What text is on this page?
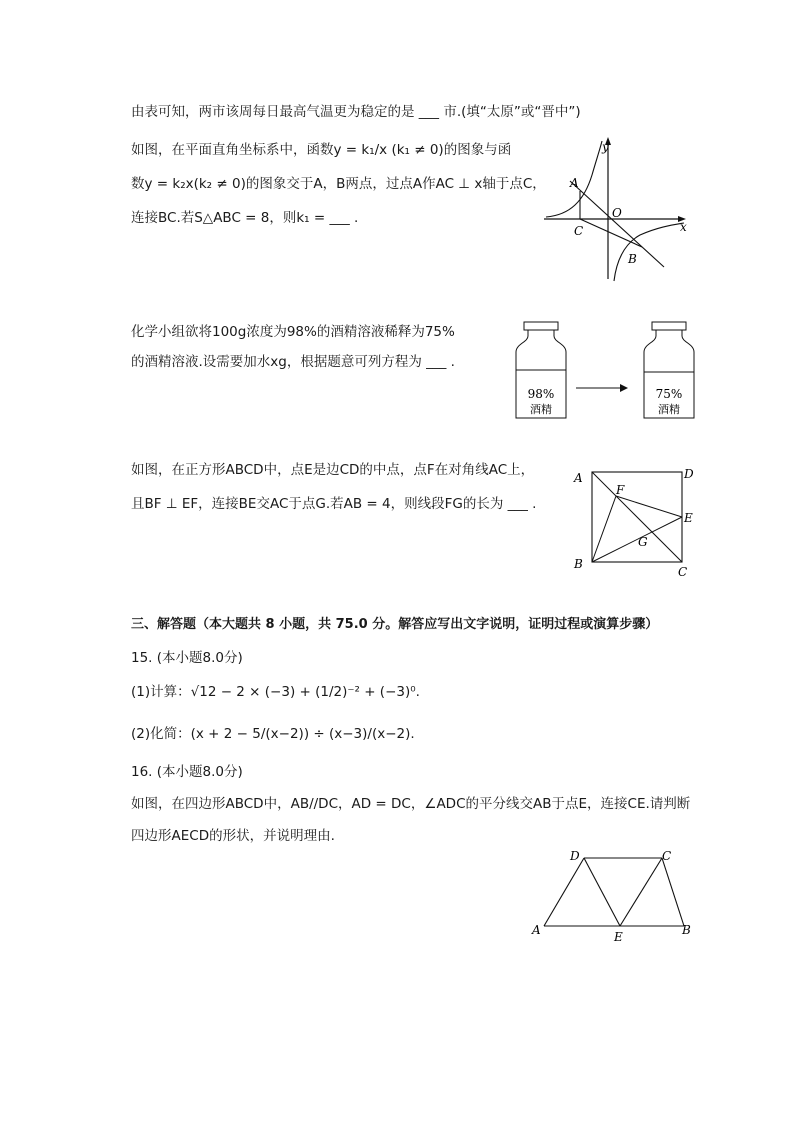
由表可知，两市该周每日最高气温更为稳定的是 ___ 市.(填“太原”或“晋中”)
如图，在平面直角坐标系中，函数y = k₁/x (k₁ ≠ 0)的图象与函
数y = k₂x(k₂ ≠ 0)的图象交于A，B两点，过点A作AC ⊥ x轴于点C，
连接BC.若S△ABC = 8，则k₁ = ___ .
y
x
A
O
C
B
化学小组欲将100g浓度为98%的酒精溶液稀释为75%
的酒精溶液.设需要加水xg，根据题意可列方程为 ___ .
98%
酒精
75%
酒精
如图，在正方形ABCD中，点E是边CD的中点，点F在对角线AC上，
且BF ⊥ EF，连接BE交AC于点G.若AB = 4，则线段FG的长为 ___ .
A	D
F
E
G
B
C
三、解答题（本大题共 8 小题，共 75.0 分。解答应写出文字说明，证明过程或演算步骤）
15. (本小题8.0分)
(1)计算：√12 − 2 × (−3) + (1/2)⁻² + (−3)⁰.
(2)化简：(x + 2 − 5/(x−2)) ÷ (x−3)/(x−2).
16. (本小题8.0分)
如图，在四边形ABCD中，AB//DC，AD = DC，∠ADC的平分线交AB于点E，连接CE.请判断
四边形AECD的形状，并说明理由.
D	C
A	E	B
